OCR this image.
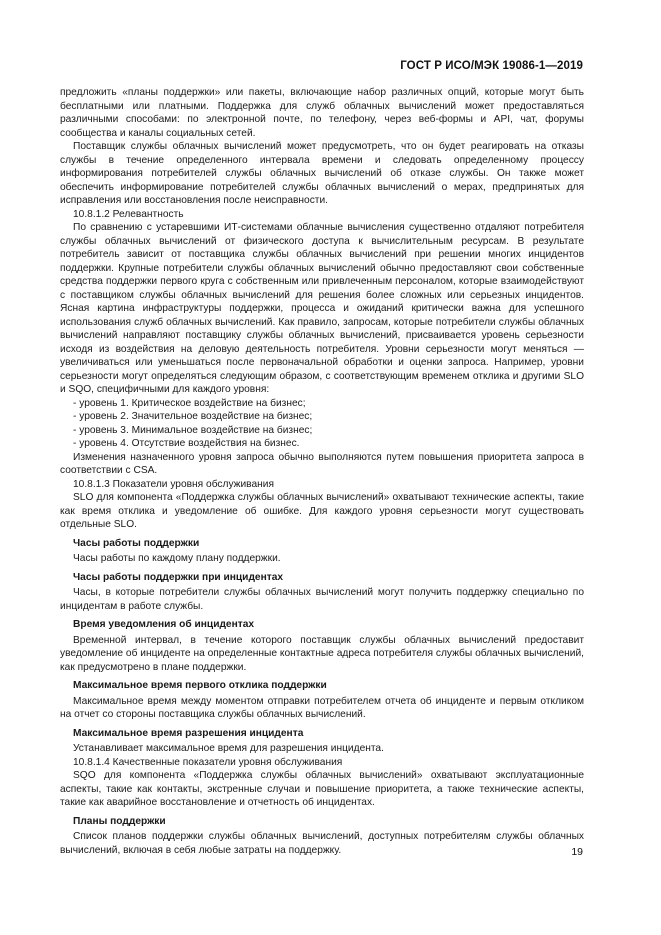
ГОСТ Р ИСО/МЭК 19086-1—2019

предложить «планы поддержки» или пакеты, включающие набор различных опций, которые могут быть бесплатными или платными. Поддержка для служб облачных вычислений может предоставляться различными способами: по электронной почте, по телефону, через веб-формы и API, чат, форумы сообщества и каналы социальных сетей.

Поставщик службы облачных вычислений может предусмотреть, что он будет реагировать на отказы службы в течение определенного интервала времени и следовать определенному процессу информирования потребителей службы облачных вычислений об отказе службы. Он также может обеспечить информирование потребителей службы облачных вычислений о мерах, предпринятых для исправления или восстановления после неисправности.

10.8.1.2 Релевантность

По сравнению с устаревшими ИТ-системами облачные вычисления существенно отдаляют потребителя службы облачных вычислений от физического доступа к вычислительным ресурсам. В результате потребитель зависит от поставщика службы облачных вычислений при решении многих инцидентов поддержки. Крупные потребители службы облачных вычислений обычно предоставляют свои собственные средства поддержки первого круга с собственным или привлеченным персоналом, которые взаимодействуют с поставщиком службы облачных вычислений для решения более сложных или серьезных инцидентов. Ясная картина инфраструктуры поддержки, процесса и ожиданий критически важна для успешного использования служб облачных вычислений. Как правило, запросам, которые потребители службы облачных вычислений направляют поставщику службы облачных вычислений, присваивается уровень серьезности исходя из воздействия на деловую деятельность потребителя. Уровни серьезности могут меняться — увеличиваться или уменьшаться после первоначальной обработки и оценки запроса. Например, уровни серьезности могут определяться следующим образом, с соответствующим временем отклика и другими SLO и SQO, специфичными для каждого уровня:

- уровень 1. Критическое воздействие на бизнес;
- уровень 2. Значительное воздействие на бизнес;
- уровень 3. Минимальное воздействие на бизнес;
- уровень 4. Отсутствие воздействия на бизнес.

Изменения назначенного уровня запроса обычно выполняются путем повышения приоритета запроса в соответствии с CSA.

10.8.1.3 Показатели уровня обслуживания

SLO для компонента «Поддержка службы облачных вычислений» охватывают технические аспекты, такие как время отклика и уведомление об ошибке. Для каждого уровня серьезности могут существовать отдельные SLO.

Часы работы поддержки

Часы работы по каждому плану поддержки.

Часы работы поддержки при инцидентах

Часы, в которые потребители службы облачных вычислений могут получить поддержку специально по инцидентам в работе службы.

Время уведомления об инцидентах

Временной интервал, в течение которого поставщик службы облачных вычислений предоставит уведомление об инциденте на определенные контактные адреса потребителя службы облачных вычислений, как предусмотрено в плане поддержки.

Максимальное время первого отклика поддержки

Максимальное время между моментом отправки потребителем отчета об инциденте и первым откликом на отчет со стороны поставщика службы облачных вычислений.

Максимальное время разрешения инцидента

Устанавливает максимальное время для разрешения инцидента.

10.8.1.4 Качественные показатели уровня обслуживания

SQO для компонента «Поддержка службы облачных вычислений» охватывают эксплуатационные аспекты, такие как контакты, экстренные случаи и повышение приоритета, а также технические аспекты, такие как аварийное восстановление и отчетность об инцидентах.

Планы поддержки

Список планов поддержки службы облачных вычислений, доступных потребителям службы облачных вычислений, включая в себя любые затраты на поддержку.	19
